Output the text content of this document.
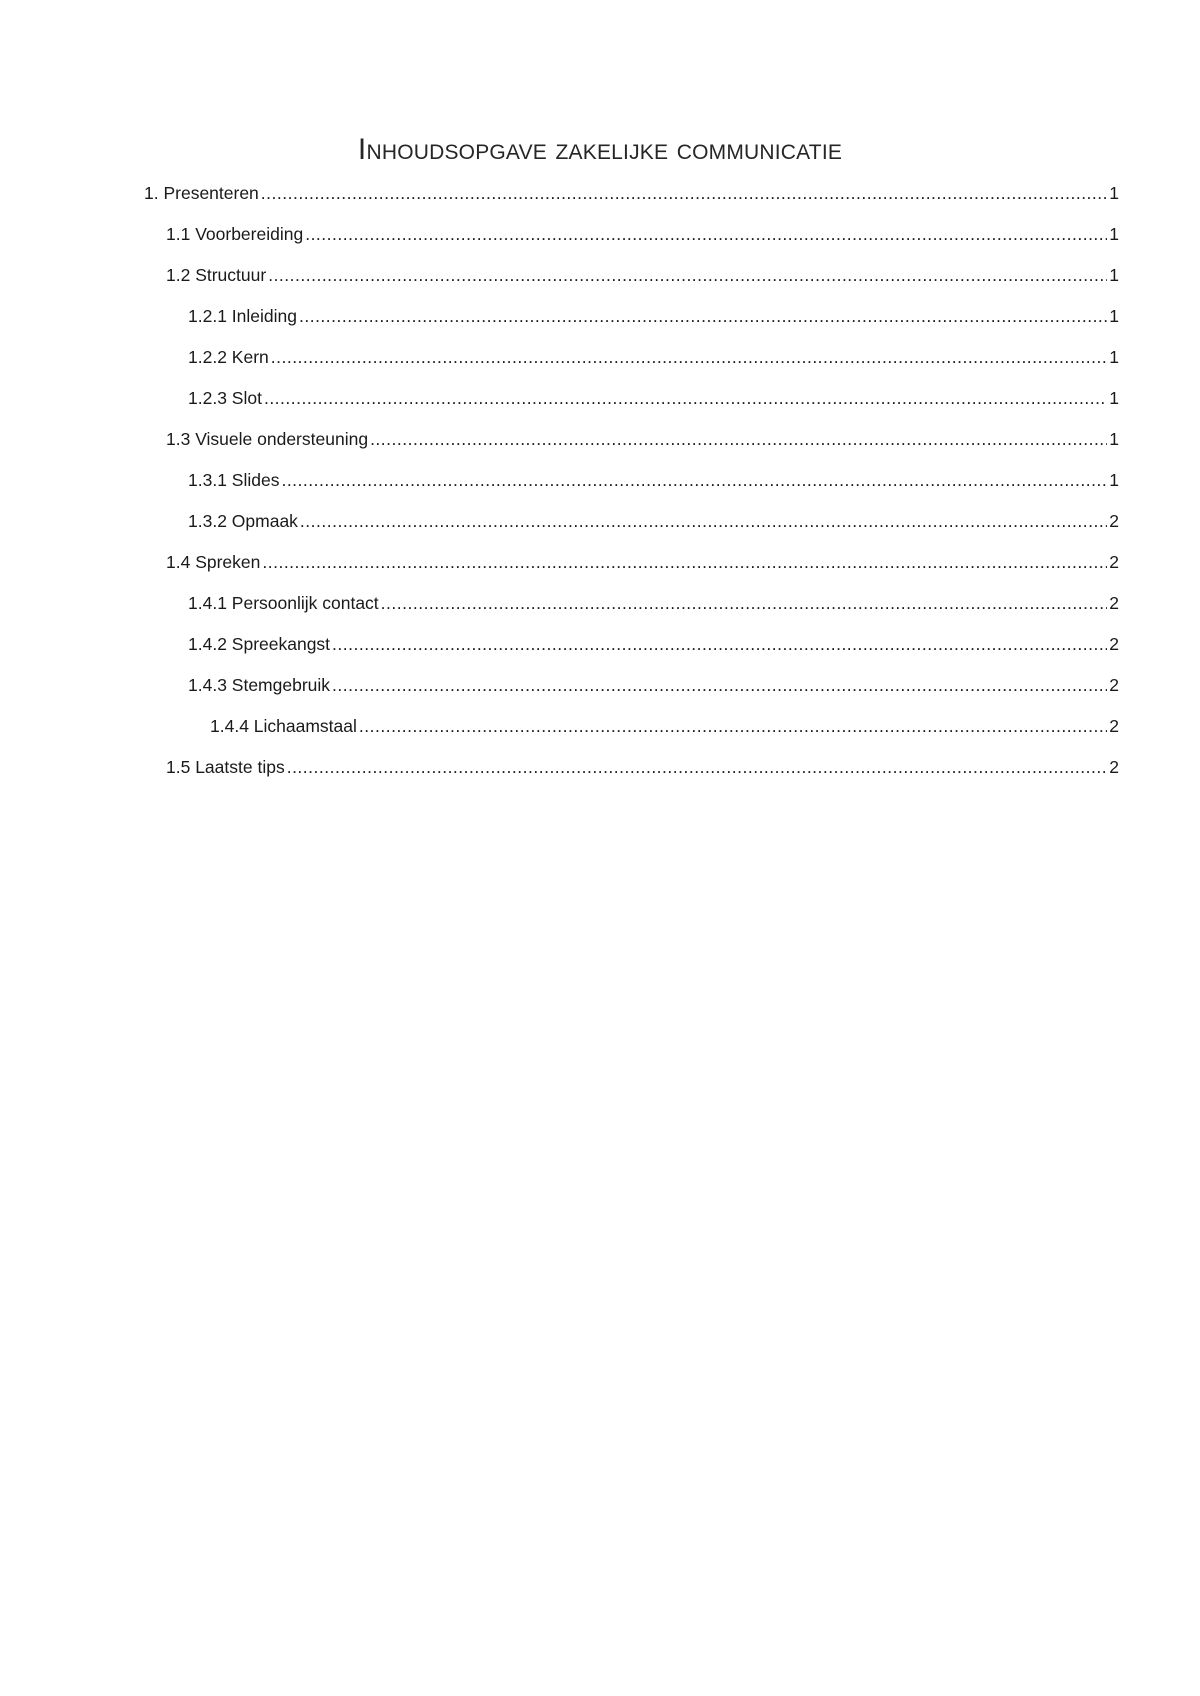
Inhoudsopgave zakelijke communicatie
1. Presenteren .....	1
1.1 Voorbereiding .....	1
1.2 Structuur .....	1
1.2.1 Inleiding .....	1
1.2.2 Kern .....	1
1.2.3 Slot .....	1
1.3 Visuele ondersteuning .....	1
1.3.1 Slides .....	1
1.3.2 Opmaak .....	2
1.4 Spreken .....	2
1.4.1 Persoonlijk contact .....	2
1.4.2 Spreekangst .....	2
1.4.3 Stemgebruik .....	2
1.4.4 Lichaamstaal .....	2
1.5 Laatste tips .....	2
